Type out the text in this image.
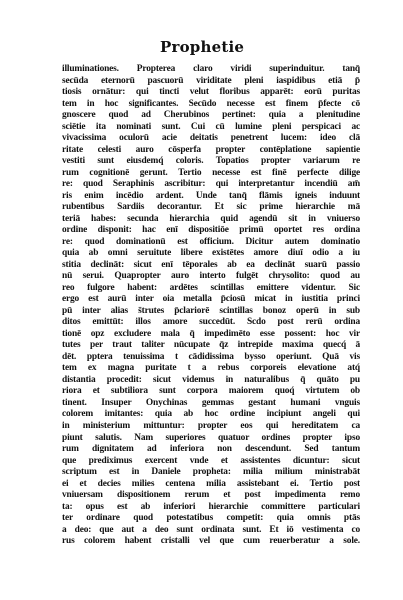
Prophetie
illuminationes. Propterea claro viridi superinduitur. tanq̄
secūda eternorū pascuorū viriditate pleni iaspidibus etiā p̄
tiosis ornātur: qui tincti velut floribus apparēt: eorū puritas
tem in hoc significantes. Secūdo necesse est finem p̄fecte cō
gnoscere quod ad Cherubinos pertinet: quia a plenitudine
sciētie ita nominati sunt. Cui cū lumine pleni perspicaci ac
vivacissima oculorū acie deitatis penetrent lucem: ideo clā
ritate celesti auro cōsperfa propter contēplatione sapientie
vestiti sunt eiusdemq́ coloris. Topatios propter variarum re
rum cognitionē gerunt. Tertio necesse est finē perfecte dilige
re: quod Seraphinis ascribitur: qui interpretantur incendiū am̄
ris enim incēdio ardent. Unde tanq̄ flāmis igneis induunt
rubentibus Sardiis decorantur. Et sic prime hierarchie mā
teriā habes: secunda hierarchia quid agendū sit in vniuerso
ordine disponit: hac enī dispositiōe primū oportet res ordina
re: quod dominationū est officium. Dicitur autem dominatio
quia ab omni seruitute libere existētes amore diuī odio a iu
stitia declināt: sicut enī tēporales ab ea declināt suarū passio
nū serui. Quapropter auro interto fulgēt chrysolito: quod au
reo fulgore habent: ardētes scintillas emittere videntur. Sic
ergo est aurū inter oia metalla p̄ciosū micat in iustitia princi
pū inter alias s̄trutes p̄clariorē scintillas bonoz operū in sub
ditos emittūt: illos amore succedūt. Scdo post rerū ordina
tionē opz excludere mala q̄ impedimēto esse possent: hoc vir
tutes per traut taliter nūcupate q̄z intrepide maxima quecq́ ā
dēt. pptera tenuissima t cādidissima bysso operiunt. Quā vis
tem ex magna puritate t a rebus corporeis elevatione atq́
distantia procedit: sicut videmus in naturalibus q̄ quāto pu
riora et subtiliora sunt corpora maiorem quoq́ virtutem ob
tinent. Insuper Onychinas gemmas gestant humani vnguis
colorem imitantes: quia ab hoc ordine incipiunt angeli qui
in ministerium mittuntur: propter eos qui hereditatem ca
piunt salutis. Nam superiores quatuor ordines propter ipso
rum dignitatem ad inferiora non descendunt. Sed tantum
que prediximus exercent vnde et assistentes dicuntur: sicut
scriptum est in Daniele propheta: milia milium ministrabāt
ei et decies milies centena milia assistebant ei. Tertio post
vniuersam dispositionem rerum et post impedimenta remo
ta: opus est ab inferiori hierarchie committere particulari
ter ordinare quod potestatibus competit: quia omnis ptās
a deo: que aut a deo sunt ordinata sunt. Et iō vestimenta co
rus colorem habent cristalli vel que cum reuerberatur a sole.
